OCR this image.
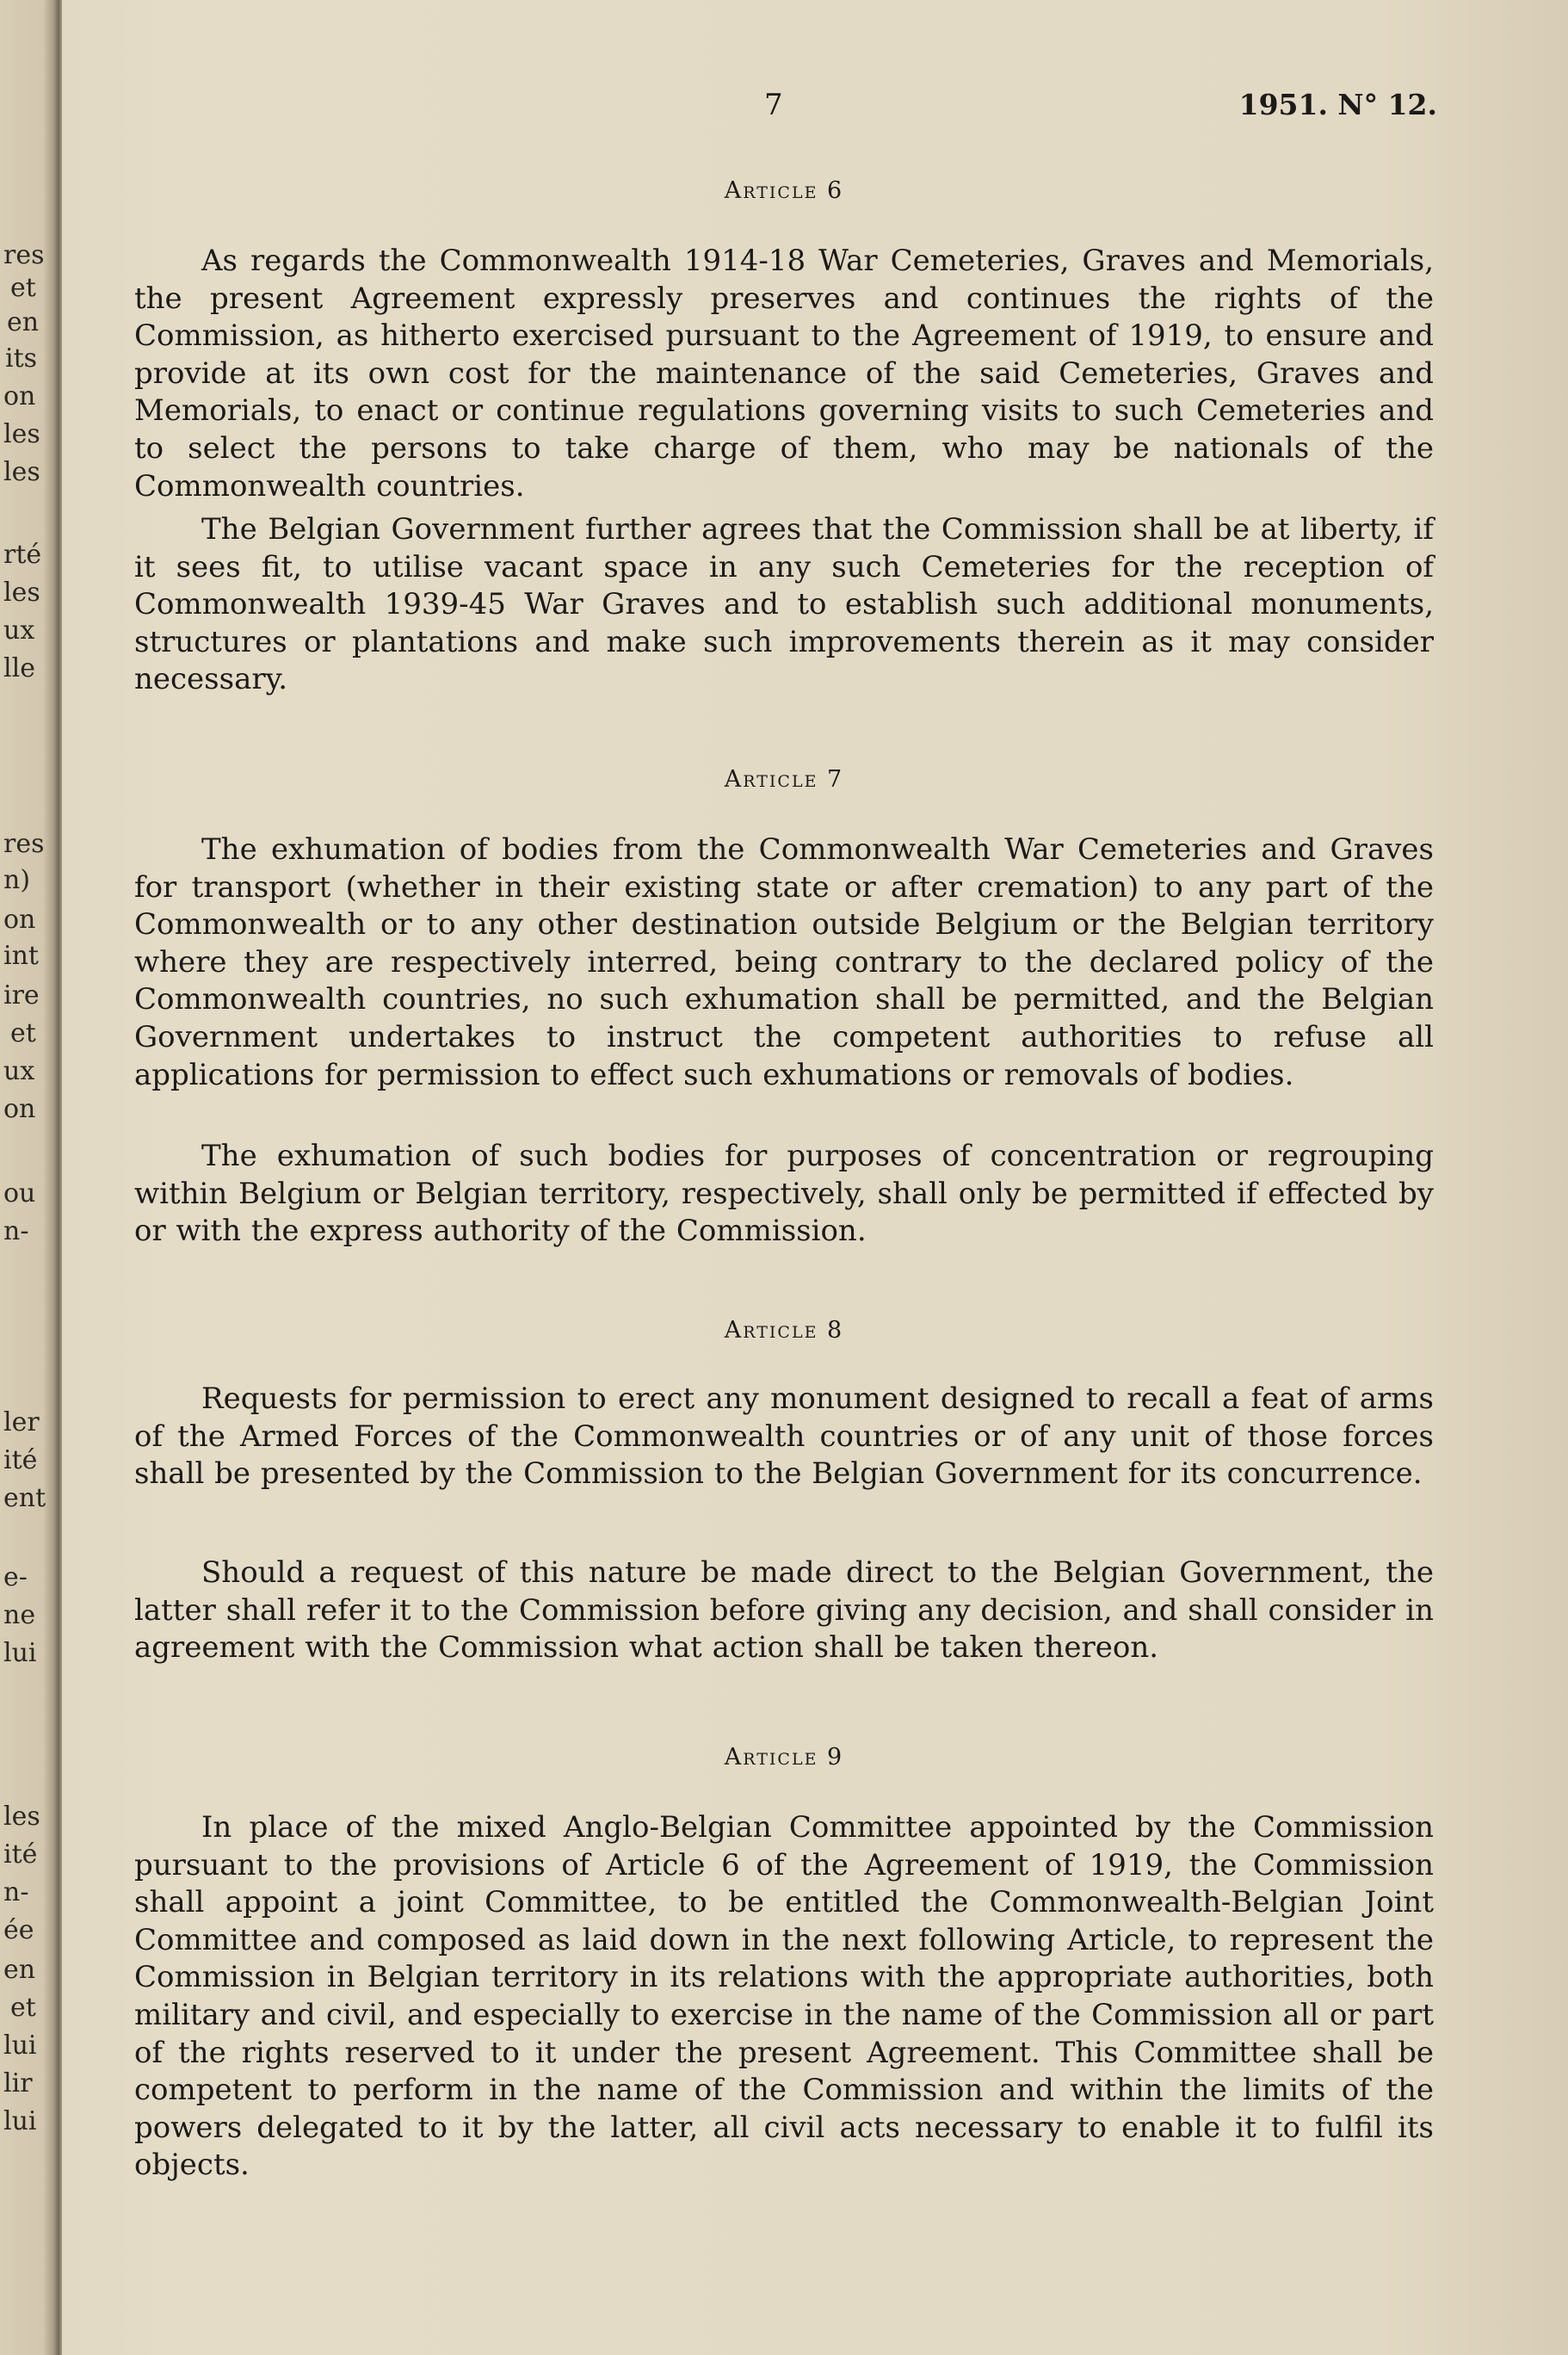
res
et
en
its
on
les
les
rté
les
ux
lle
res
n)
on
int
ire
et
ux
on
ou
n-
ler
ité
ent
e-
ne
lui
les
ité
n-
ée
en
et
lui
lir
lui
7	1951. N° 12.
Article 6

As regards the Commonwealth 1914-18 War Cemeteries, Graves and Memorials, the present Agreement expressly preserves and continues the rights of the Commission, as hitherto exercised pursuant to the Agreement of 1919, to ensure and provide at its own cost for the maintenance of the said Cemeteries, Graves and Memorials, to enact or continue regulations governing visits to such Cemeteries and to select the persons to take charge of them, who may be nationals of the Commonwealth countries.

The Belgian Government further agrees that the Commission shall be at liberty, if it sees fit, to utilise vacant space in any such Cemeteries for the reception of Commonwealth 1939-45 War Graves and to establish such additional monuments, structures or plantations and make such improvements therein as it may consider necessary.

Article 7

The exhumation of bodies from the Commonwealth War Cemeteries and Graves for transport (whether in their existing state or after cremation) to any part of the Commonwealth or to any other destination outside Belgium or the Belgian territory where they are respectively interred, being contrary to the declared policy of the Commonwealth countries, no such exhumation shall be permitted, and the Belgian Government undertakes to instruct the competent authorities to refuse all applications for permission to effect such exhumations or removals of bodies.

The exhumation of such bodies for purposes of concentration or regrouping within Belgium or Belgian territory, respectively, shall only be permitted if effected by or with the express authority of the Commission.

Article 8

Requests for permission to erect any monument designed to recall a feat of arms of the Armed Forces of the Commonwealth countries or of any unit of those forces shall be presented by the Commission to the Belgian Government for its concurrence.

Should a request of this nature be made direct to the Belgian Government, the latter shall refer it to the Commission before giving any decision, and shall consider in agreement with the Commission what action shall be taken thereon.

Article 9

In place of the mixed Anglo-Belgian Committee appointed by the Commission pursuant to the provisions of Article 6 of the Agreement of 1919, the Commission shall appoint a joint Committee, to be entitled the Commonwealth-Belgian Joint Committee and composed as laid down in the next following Article, to represent the Commission in Belgian territory in its relations with the appropriate authorities, both military and civil, and especially to exercise in the name of the Commission all or part of the rights reserved to it under the present Agreement. This Committee shall be competent to perform in the name of the Commission and within the limits of the powers delegated to it by the latter, all civil acts necessary to enable it to fulfil its objects.
